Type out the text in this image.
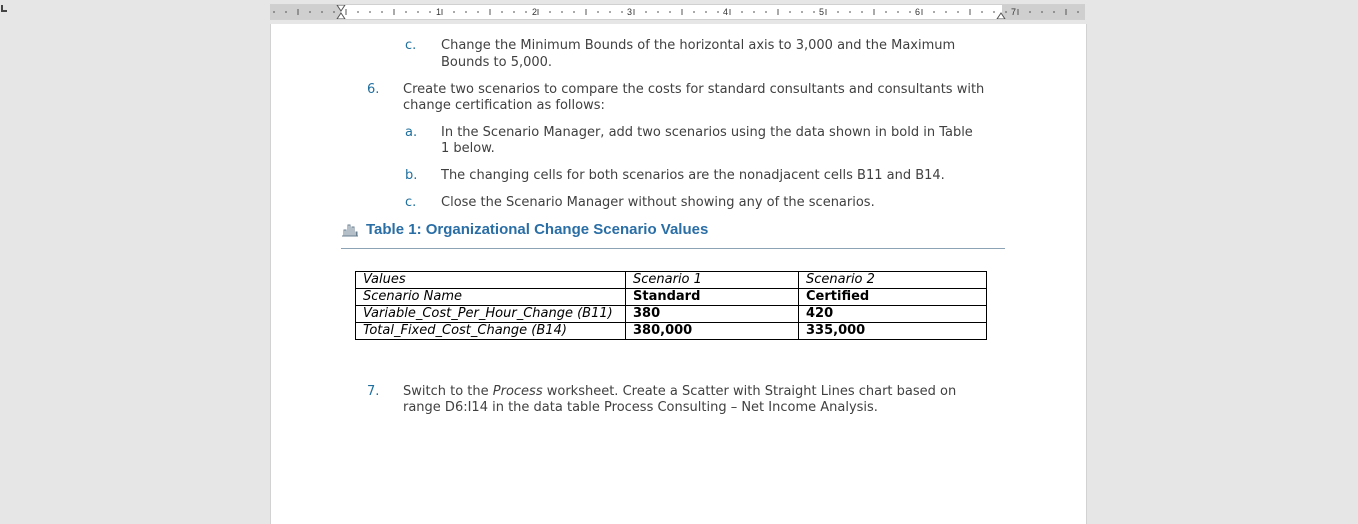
1	2	3	4	5	6	7
c. Change the Minimum Bounds of the horizontal axis to 3,000 and the Maximum
Bounds to 5,000.
6. Create two scenarios to compare the costs for standard consultants and consultants with
change certification as follows:
a. In the Scenario Manager, add two scenarios using the data shown in bold in Table
1 below.
b. The changing cells for both scenarios are the nonadjacent cells B11 and B14.
c. Close the Scenario Manager without showing any of the scenarios.
Table 1: Organizational Change Scenario Values
Values	Scenario 1	Scenario 2
Scenario Name	Standard	Certified
Variable_Cost_Per_Hour_Change (B11)	380	420
Total_Fixed_Cost_Change (B14)	380,000	335,000
7. Switch to the Process worksheet. Create a Scatter with Straight Lines chart based on
range D6:I14 in the data table Process Consulting – Net Income Analysis.
